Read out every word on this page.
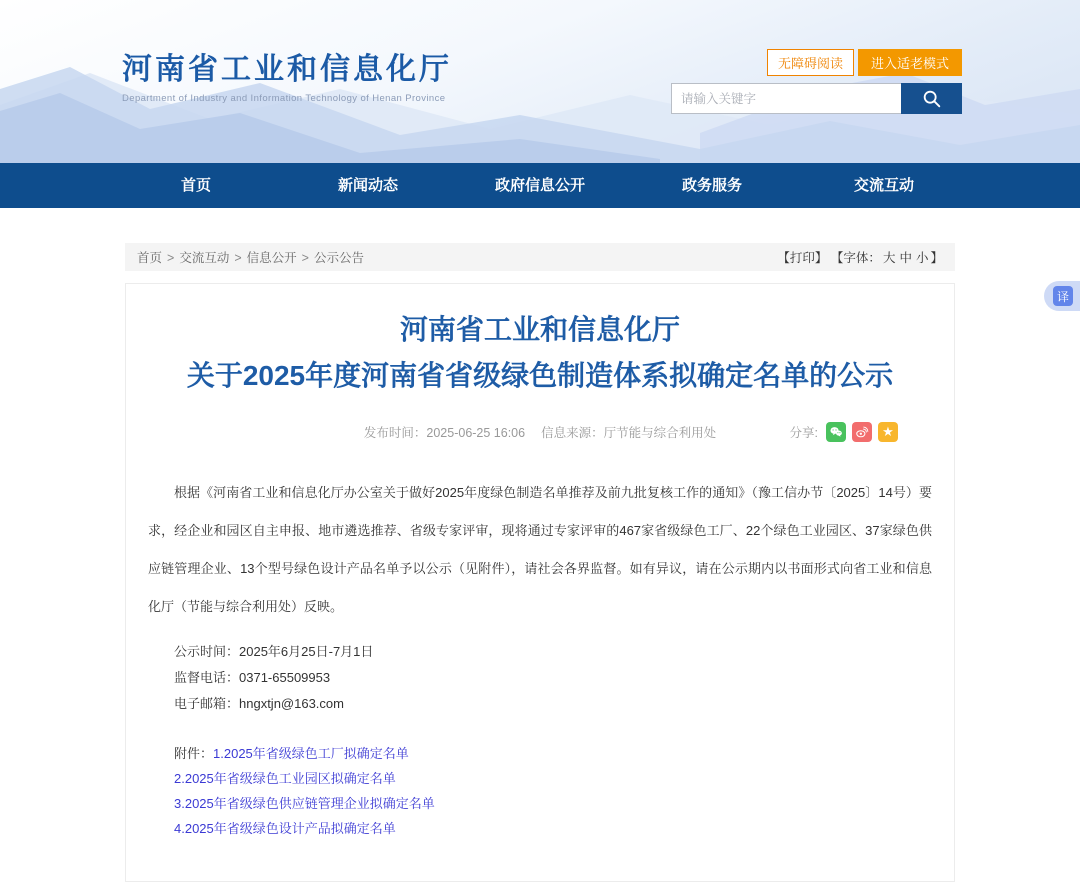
河南省工业和信息化厅
Department of Industry and Information Technology of Henan Province
无障碍阅读	进入适老模式
请输入关键字
首页	新闻动态	政府信息公开	政务服务	交流互动
首页 > 交流互动 > 信息公开 > 公示公告	【打印】 【字体： 大 中 小 】
河南省工业和信息化厅
关于2025年度河南省省级绿色制造体系拟确定名单的公示
发布时间：2025-06-25 16:06 　信息来源：厅节能与综合利用处	分享:	★

根据《河南省工业和信息化厅办公室关于做好2025年度绿色制造名单推荐及前九批复核工作的通知》（豫工信办节〔2025〕14号）要求，经企业和园区自主申报、地市遴选推荐、省级专家评审，现将通过专家评审的467家省级绿色工厂、22个绿色工业园区、37家绿色供应链管理企业、13个型号绿色设计产品名单予以公示（见附件），请社会各界监督。如有异议，请在公示期内以书面形式向省工业和信息化厅（节能与综合利用处）反映。

公示时间：2025年6月25日-7月1日

监督电话：0371-65509953

电子邮箱：hngxtjn@163.com

附件：1.2025年省级绿色工厂拟确定名单

2.2025年省级绿色工业园区拟确定名单

3.2025年省级绿色供应链管理企业拟确定名单

4.2025年省级绿色设计产品拟确定名单

译
